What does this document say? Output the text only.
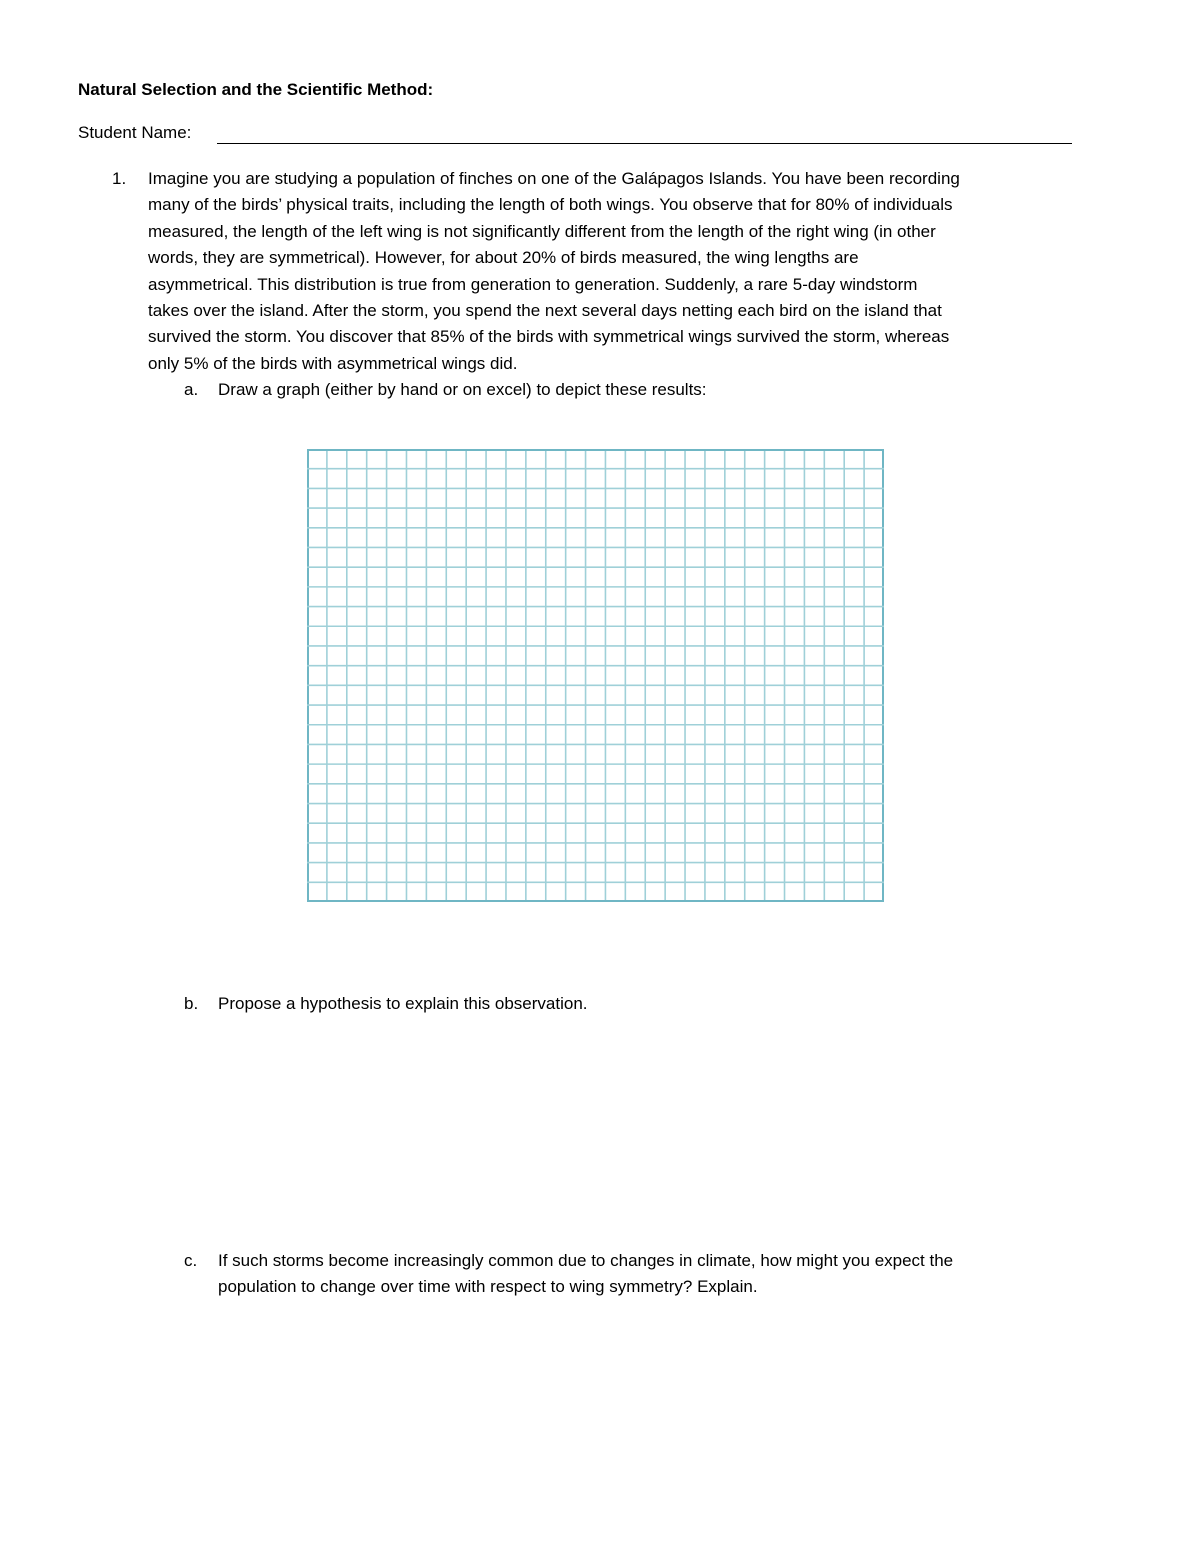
Natural Selection and the Scientific Method:
Student Name:
1. Imagine you are studying a population of finches on one of the Galápagos Islands. You have been recording
many of the birds’ physical traits, including the length of both wings. You observe that for 80% of individuals
measured, the length of the left wing is not significantly different from the length of the right wing (in other
words, they are symmetrical). However, for about 20% of birds measured, the wing lengths are
asymmetrical. This distribution is true from generation to generation. Suddenly, a rare 5-day windstorm
takes over the island. After the storm, you spend the next several days netting each bird on the island that
survived the storm. You discover that 85% of the birds with symmetrical wings survived the storm, whereas
only 5% of the birds with asymmetrical wings did.
a. Draw a graph (either by hand or on excel) to depict these results:
b. Propose a hypothesis to explain this observation.
c. If such storms become increasingly common due to changes in climate, how might you expect the
population to change over time with respect to wing symmetry? Explain.
